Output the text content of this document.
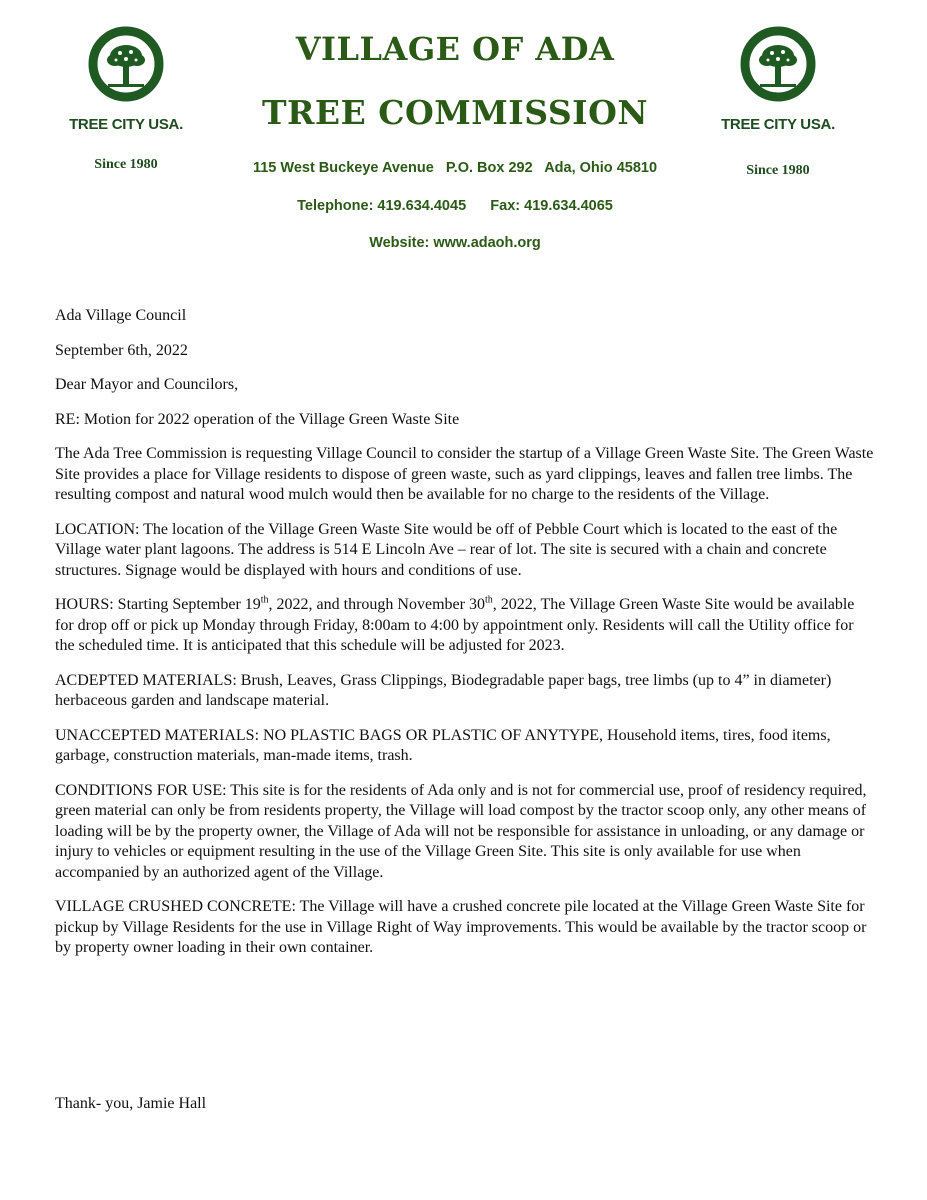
TREE CITY USA.
Since 1980
TREE CITY USA.
Since 1980
VILLAGE OF ADA
TREE COMMISSION
115 West Buckeye Avenue   P.O. Box 292   Ada, Ohio 45810
Telephone: 419.634.4045      Fax: 419.634.4065
Website: www.adaoh.org

Ada Village Council

September 6th, 2022

Dear Mayor and Councilors,

RE: Motion for 2022 operation of the Village Green Waste Site

The Ada Tree Commission is requesting Village Council to consider the startup of a Village Green Waste Site. The Green Waste Site provides a place for Village residents to dispose of green waste, such as yard clippings, leaves and fallen tree limbs. The resulting compost and natural wood mulch would then be available for no charge to the residents of the Village.

LOCATION: The location of the Village Green Waste Site would be off of Pebble Court which is located to the east of the Village water plant lagoons. The address is 514 E Lincoln Ave – rear of lot. The site is secured with a chain and concrete structures. Signage would be displayed with hours and conditions of use.

HOURS: Starting September 19th, 2022, and through November 30th, 2022, The Village Green Waste Site would be available for drop off or pick up Monday through Friday, 8:00am to 4:00 by appointment only. Residents will call the Utility office for the scheduled time. It is anticipated that this schedule will be adjusted for 2023.

ACDEPTED MATERIALS: Brush, Leaves, Grass Clippings, Biodegradable paper bags, tree limbs (up to 4” in diameter) herbaceous garden and landscape material.

UNACCEPTED MATERIALS: NO PLASTIC BAGS OR PLASTIC OF ANYTYPE, Household items, tires, food items, garbage, construction materials, man-made items, trash.

CONDITIONS FOR USE: This site is for the residents of Ada only and is not for commercial use, proof of residency required, green material can only be from residents property, the Village will load compost by the tractor scoop only, any other means of loading will be by the property owner, the Village of Ada will not be responsible for assistance in unloading, or any damage or injury to vehicles or equipment resulting in the use of the Village Green Site. This site is only available for use when accompanied by an authorized agent of the Village.

VILLAGE CRUSHED CONCRETE: The Village will have a crushed concrete pile located at the Village Green Waste Site for pickup by Village Residents for the use in Village Right of Way improvements. This would be available by the tractor scoop or by property owner loading in their own container.

Thank- you, Jamie Hall
